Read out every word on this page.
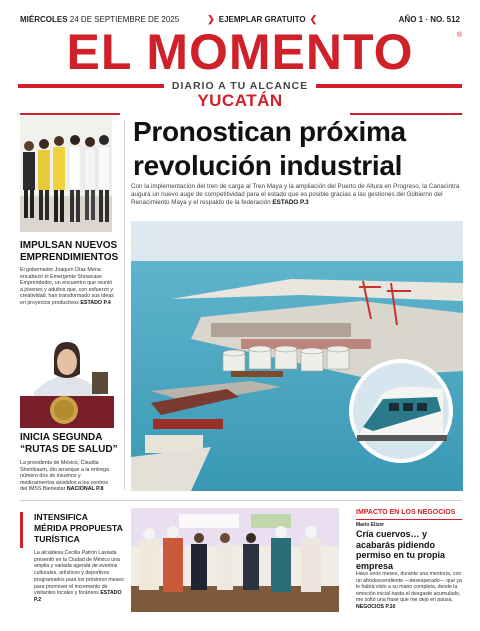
MIÉRCOLES 24 DE SEPTIEMBRE DE 2025	❯ EJEMPLAR GRATUITO ❮	AÑO 1 · NO. 512
EL MOMENTO	®
DIARIO A TU ALCANCE
YUCATÁN
IMPULSAN NUEVOS
EMPRENDIMIENTOS
El gobernador Joaquín Díaz Mena encabezó el Emergente Showcase Emprendedor, un encuentro que reunió a jóvenes y adultos que, con esfuerzo y creatividad, han transformado sus ideas en proyectos productivos ESTADO P.4
INICIA SEGUNDA
“RUTAS DE SALUD”
La presidenta de México, Claudia Sheinbaum, dio arranque a la entrega número dos de insumos y medicamentos asistidos a los centros del IMSS Bienestar NACIONAL P.8
Pronostican próxima
revolución industrial
Con la implementación del tren de carga al Tren Maya y la ampliación del Puerto de Altura en Progreso, la Canacintra augura un nuevo auge de competitividad para el estado que es posible gracias a las gestiones del Gobierno del Renacimiento Maya y el respaldo de la federación ESTADO P.3
INTENSIFICA
MÉRIDA PROPUESTA
TURÍSTICA
La alcaldesa Cecilia Patrón Laviada presentó en la Ciudad de México una amplia y variada agenda de eventos culturales, artísticos y deportivos programados para los próximos meses para promover el incremento de visitantes locales y foráneos ESTADO P.2
IMPACTO EN LOS NEGOCIOS
Mario Elizer
Cría cuervos… y
acabarás pidiendo
permiso en tu propia
empresa
Hace unos meses, durante una mentoría, con un afrodescendiente —desesperado— que ya le había visto a su mano completa, desde la emoción inicial hasta el desgaste acumulado, me soltó una frase que me dejó en pausa. NEGOCIOS P.10
